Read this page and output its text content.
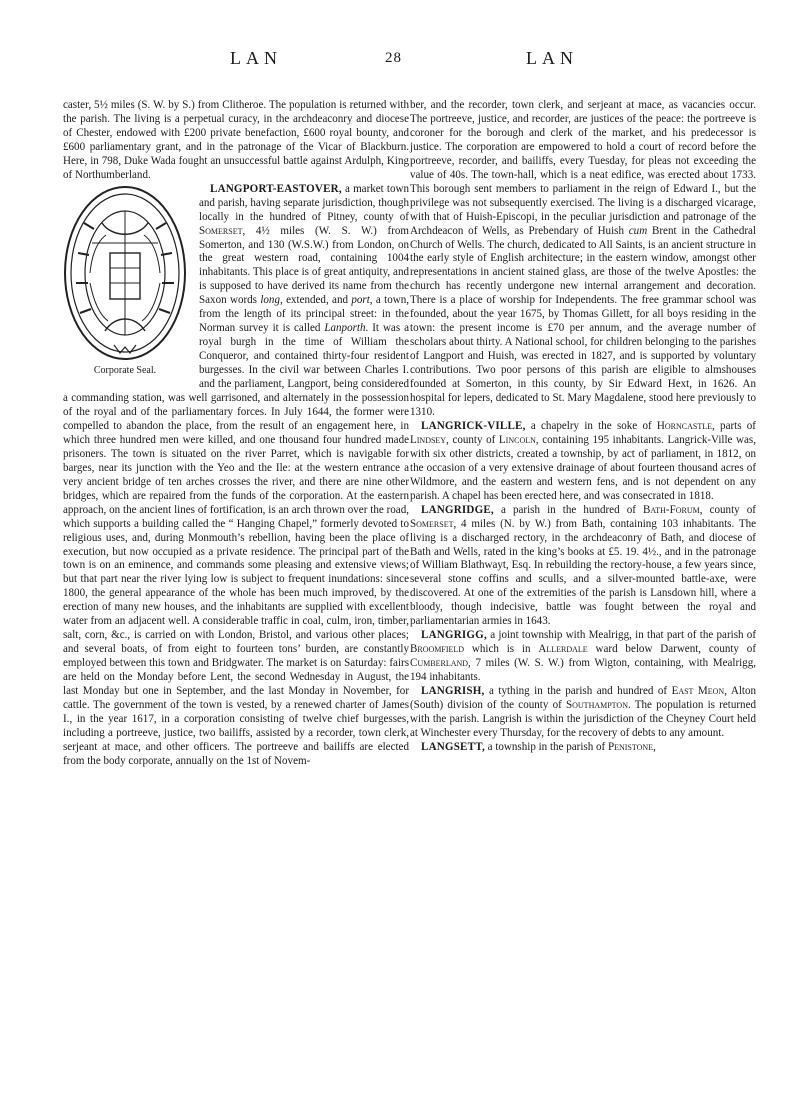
LAN	28	LAN

caster, 5½ miles (S. W. by S.) from Clitheroe. The population is returned with the parish. The living is a perpetual curacy, in the archdeaconry and diocese of Chester, endowed with £200 private benefaction, £600 royal bounty, and £600 parliamentary grant, and in the patronage of the Vicar of Blackburn. Here, in 798, Duke Wada fought an unsuccessful battle against Ardulph, King of Northumberland.

Corporate Seal.

LANGPORT-EASTOVER, a market town and parish, having separate jurisdiction, though locally in the hundred of Pitney, county of Somerset, 4½ miles (W. S. W.) from Somerton, and 130 (W.S.W.) from London, on the great western road, containing 1004 inhabitants. This place is of great antiquity, and is supposed to have derived its name from the Saxon words long, extended, and port, a town, from the length of its principal street: in the Norman survey it is called Lanporth. It was a royal burgh in the time of William the Conqueror, and contained thirty-four resident burgesses. In the civil war between Charles I. and the parliament, Langport, being considered a commanding station, was well garrisoned, and alternately in the possession of the royal and of the parliamentary forces. In July 1644, the former were compelled to abandon the place, from the result of an engagement here, in which three hundred men were killed, and one thousand four hundred made prisoners. The town is situated on the river Parret, which is navigable for barges, near its junction with the Yeo and the Ile: at the western entrance a very ancient bridge of ten arches crosses the river, and there are nine other bridges, which are repaired from the funds of the corporation. At the eastern approach, on the ancient lines of fortification, is an arch thrown over the road, which supports a building called the “ Hanging Chapel,” formerly devoted to religious uses, and, during Monmouth’s rebellion, having been the place of execution, but now occupied as a private residence. The principal part of the town is on an eminence, and commands some pleasing and extensive views; but that part near the river lying low is subject to frequent inundations: since 1800, the general appearance of the whole has been much improved, by the erection of many new houses, and the inhabitants are supplied with excellent water from an adjacent well. A considerable traffic in coal, culm, iron, timber, salt, corn, &c., is carried on with London, Bristol, and various other places; and several boats, of from eight to fourteen tons’ burden, are constantly employed between this town and Bridgwater. The market is on Saturday: fairs are held on the Monday before Lent, the second Wednesday in August, the last Monday but one in September, and the last Monday in November, for cattle. The government of the town is vested, by a renewed charter of James I., in the year 1617, in a corporation consisting of twelve chief burgesses, including a portreeve, justice, two bailiffs, assisted by a recorder, town clerk, serjeant at mace, and other officers. The portreeve and bailiffs are elected from the body corporate, annually on the 1st of Novem-

ber, and the recorder, town clerk, and serjeant at mace, as vacancies occur. The portreeve, justice, and recorder, are justices of the peace: the portreeve is coroner for the borough and clerk of the market, and his predecessor is justice. The corporation are empowered to hold a court of record before the portreeve, recorder, and bailiffs, every Tuesday, for pleas not exceeding the value of 40s. The town-hall, which is a neat edifice, was erected about 1733. This borough sent members to parliament in the reign of Edward I., but the privilege was not subsequently exercised. The living is a discharged vicarage, with that of Huish-Episcopi, in the peculiar jurisdiction and patronage of the Archdeacon of Wells, as Prebendary of Huish cum Brent in the Cathedral Church of Wells. The church, dedicated to All Saints, is an ancient structure in the early style of English architecture; in the eastern window, amongst other representations in ancient stained glass, are those of the twelve Apostles: the church has recently undergone new internal arrangement and decoration. There is a place of worship for Independents. The free grammar school was founded, about the year 1675, by Thomas Gillett, for all boys residing in the town: the present income is £70 per annum, and the average number of scholars about thirty. A National school, for children belonging to the parishes of Langport and Huish, was erected in 1827, and is supported by voluntary contributions. Two poor persons of this parish are eligible to almshouses founded at Somerton, in this county, by Sir Edward Hext, in 1626. An hospital for lepers, dedicated to St. Mary Magdalene, stood here previously to 1310.

LANGRICK-VILLE, a chapelry in the soke of Horncastle, parts of Lindsey, county of Lincoln, containing 195 inhabitants. Langrick-Ville was, with six other districts, created a township, by act of parliament, in 1812, on the occasion of a very extensive drainage of about fourteen thousand acres of Wildmore, and the eastern and western fens, and is not dependent on any parish. A chapel has been erected here, and was consecrated in 1818.

LANGRIDGE, a parish in the hundred of Bath-Forum, county of Somerset, 4 miles (N. by W.) from Bath, containing 103 inhabitants. The living is a discharged rectory, in the archdeaconry of Bath, and diocese of Bath and Wells, rated in the king’s books at £5. 19. 4½., and in the patronage of William Blathwayt, Esq. In rebuilding the rectory-house, a few years since, several stone coffins and sculls, and a silver-mounted battle-axe, were discovered. At one of the extremities of the parish is Lansdown hill, where a bloody, though indecisive, battle was fought between the royal and parliamentarian armies in 1643.

LANGRIGG, a joint township with Mealrigg, in that part of the parish of Broomfield which is in Allerdale ward below Darwent, county of Cumberland, 7 miles (W. S. W.) from Wigton, containing, with Mealrigg, 194 inhabitants.

LANGRISH, a tything in the parish and hundred of East Meon, Alton (South) division of the county of Southampton. The population is returned with the parish. Langrish is within the jurisdiction of the Cheyney Court held at Winchester every Thursday, for the recovery of debts to any amount.

LANGSETT, a township in the parish of Penistone,
